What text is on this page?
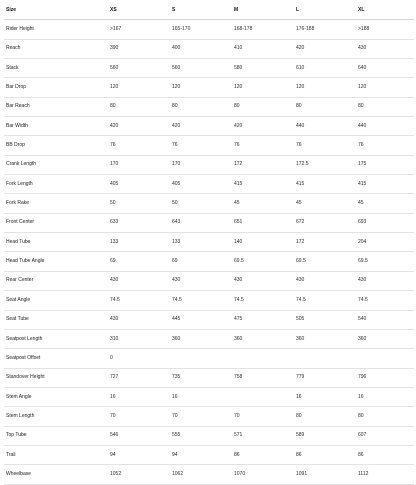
Size	XS	S	M	L	XL
Rider Height	>167	165-170	168-178	176-188	>188
Reach	390	400	410	420	430
Stack	560	560	580	610	640
Bar Drop	120	120	120	120	120
Bar Reach	80	80	80	80	80
Bar Width	420	420	420	440	440
BB Drop	76	76	76	76	76
Crank Length	170	170	172	172.5	175
Fork Length	405	405	415	415	415
Fork Rake	50	50	45	45	45
Front Center	633	643	651	672	693
Head Tube	133	133	140	172	204
Head Tube Angle	69	69	69.5	69.5	69.5
Rear Center	430	430	430	430	430
Seat Angle	74.5	74.5	74.5	74.5	74.5
Seat Tube	430	445	475	505	540
Seatpost Length	310	360	360	360	360
Seatpost Offset	0				
Standover Height	727	735	758	779	796
Stem Angle	16	16		16	16
Stem Length	70	70	70	80	80
Top Tube	546	555	571	589	607
Trail	94	94	86	86	86
Wheelbase	1052	1062	1070	1091	1112
